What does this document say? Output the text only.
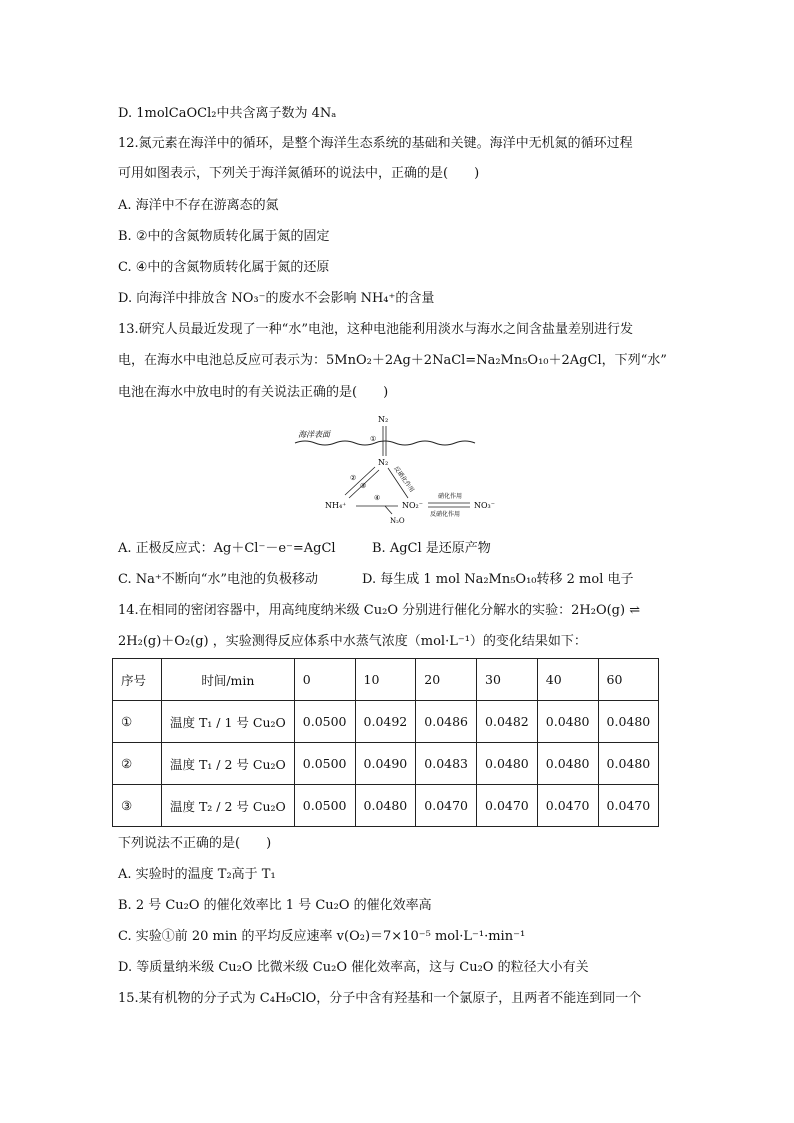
D. 1molCaOCl₂中共含离子数为 4Nₐ
12.氮元素在海洋中的循环，是整个海洋生态系统的基础和关键。海洋中无机氮的循环过程
可用如图表示，下列关于海洋氮循环的说法中，正确的是(　　)
A. 海洋中不存在游离态的氮
B. ②中的含氮物质转化属于氮的固定
C. ④中的含氮物质转化属于氮的还原
D. 向海洋中排放含 NO₃⁻的废水不会影响 NH₄⁺的含量
13.研究人员最近发现了一种“水”电池，这种电池能利用淡水与海水之间含盐量差别进行发
电，在海水中电池总反应可表示为：5MnO₂＋2Ag＋2NaCl=Na₂Mn₅O₁₀＋2AgCl，下列“水”
电池在海水中放电时的有关说法正确的是(　　)
海洋表面
N₂
①
N₂
②
③	反硝化作用
NH₄⁺
④
N₂O
NO₂⁻
硝化作用
反硝化作用
NO₃⁻
A. 正极反应式：Ag＋Cl⁻－e⁻=AgCl	B. AgCl 是还原产物
C. Na⁺不断向“水”电池的负极移动	D. 每生成 1 mol Na₂Mn₅O₁₀转移 2 mol 电子
14.在相同的密闭容器中，用高纯度纳米级 Cu₂O 分别进行催化分解水的实验：2H₂O(g) ⇌
2H₂(g)＋O₂(g) ，实验测得反应体系中水蒸气浓度（mol·L⁻¹）的变化结果如下：
序号	时间/min	0	10	20	30	40	60
①	温度 T₁ / 1 号 Cu₂O	0.0500	0.0492	0.0486	0.0482	0.0480	0.0480
②	温度 T₁ / 2 号 Cu₂O	0.0500	0.0490	0.0483	0.0480	0.0480	0.0480
③	温度 T₂ / 2 号 Cu₂O	0.0500	0.0480	0.0470	0.0470	0.0470	0.0470
下列说法不正确的是(　　)
A. 实验时的温度 T₂高于 T₁
B. 2 号 Cu₂O 的催化效率比 1 号 Cu₂O 的催化效率高
C. 实验①前 20 min 的平均反应速率 v(O₂)＝7×10⁻⁵ mol·L⁻¹·min⁻¹
D. 等质量纳米级 Cu₂O 比微米级 Cu₂O 催化效率高，这与 Cu₂O 的粒径大小有关
15.某有机物的分子式为 C₄H₉ClO，分子中含有羟基和一个氯原子，且两者不能连到同一个
